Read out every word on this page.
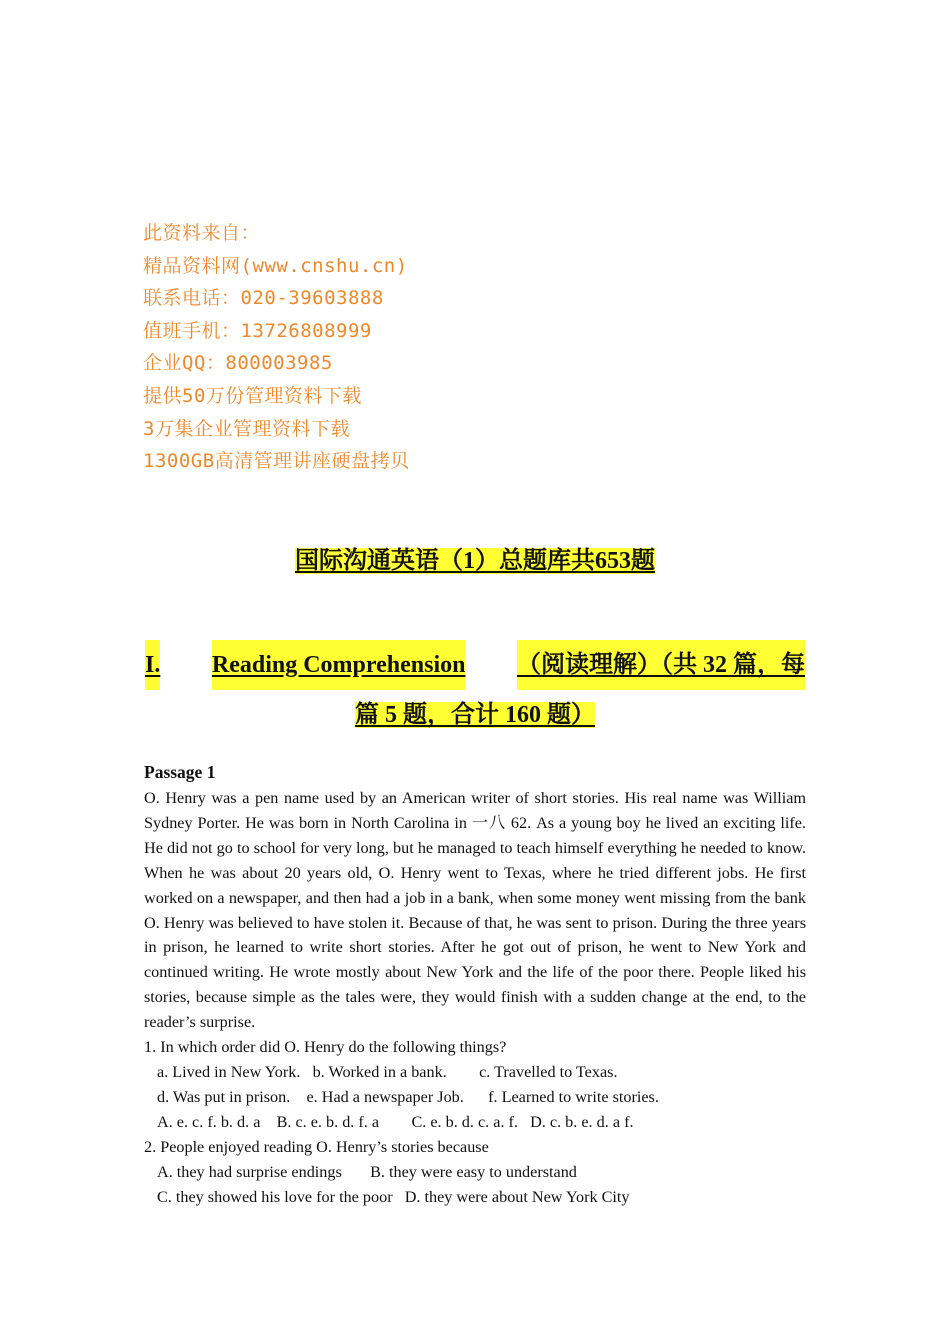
此资料来自：
精品资料网(www.cnshu.cn)
联系电话：020-39603888
值班手机：13726808999
企业QQ：800003985
提供50万份管理资料下载
3万集企业管理资料下载
1300GB高清管理讲座硬盘拷贝
国际沟通英语（1）总题库共653题
I. Reading Comprehension （阅读理解）（共 32 篇，每
篇 5 题，合计 160 题）
Passage 1
O. Henry was a pen name used by an American writer of short stories. His real name was William Sydney Porter. He was born in North Carolina in 一八 62. As a young boy he lived an exciting life. He did not go to school for very long, but he managed to teach himself everything he needed to know. When he was about 20 years old, O. Henry went to Texas, where he tried different jobs. He first worked on a newspaper, and then had a job in a bank, when some money went missing from the bank O. Henry was believed to have stolen it. Because of that, he was sent to prison. During the three years in prison, he learned to write short stories. After he got out of prison, he went to New York and continued writing. He wrote mostly about New York and the life of the poor there. People liked his stories, because simple as the tales were, they would finish with a sudden change at the end, to the reader’s surprise.
1. In which order did O. Henry do the following things?
a. Lived in New York.   b. Worked in a bank.        c. Travelled to Texas.
d. Was put in prison.    e. Had a newspaper Job.      f. Learned to write stories.
A. e. c. f. b. d. a    B. c. e. b. d. f. a        C. e. b. d. c. a. f.   D. c. b. e. d. a f.
2. People enjoyed reading O. Henry’s stories because
A. they had surprise endings       B. they were easy to understand
C. they showed his love for the poor   D. they were about New York City
